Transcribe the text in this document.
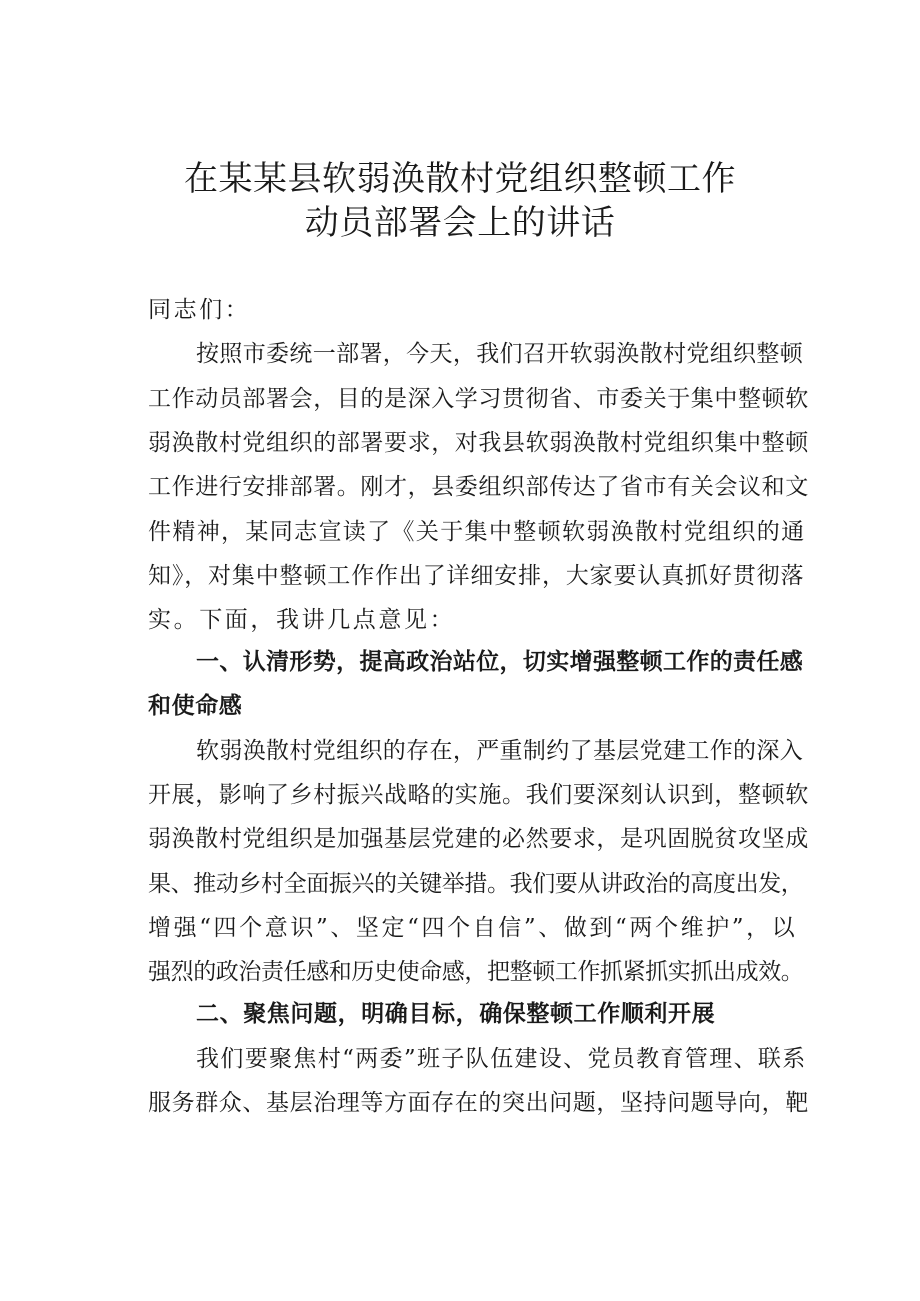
在某某县软弱涣散村党组织整顿工作
动员部署会上的讲话
同志们：
按照市委统一部署，今天，我们召开软弱涣散村党组织整顿
工作动员部署会，目的是深入学习贯彻省、市委关于集中整顿软
弱涣散村党组织的部署要求，对我县软弱涣散村党组织集中整顿
工作进行安排部署。刚才，县委组织部传达了省市有关会议和文
件精神，某同志宣读了《关于集中整顿软弱涣散村党组织的通
知》，对集中整顿工作作出了详细安排，大家要认真抓好贯彻落
实。下面，我讲几点意见：
一、认清形势，提高政治站位，切实增强整顿工作的责任感
和使命感
软弱涣散村党组织的存在，严重制约了基层党建工作的深入
开展，影响了乡村振兴战略的实施。我们要深刻认识到，整顿软
弱涣散村党组织是加强基层党建的必然要求，是巩固脱贫攻坚成
果、推动乡村全面振兴的关键举措。我们要从讲政治的高度出发，
增强“四个意识”、坚定“四个自信”、做到“两个维护”，以
强烈的政治责任感和历史使命感，把整顿工作抓紧抓实抓出成效。
二、聚焦问题，明确目标，确保整顿工作顺利开展
我们要聚焦村“两委”班子队伍建设、党员教育管理、联系
服务群众、基层治理等方面存在的突出问题，坚持问题导向，靶
